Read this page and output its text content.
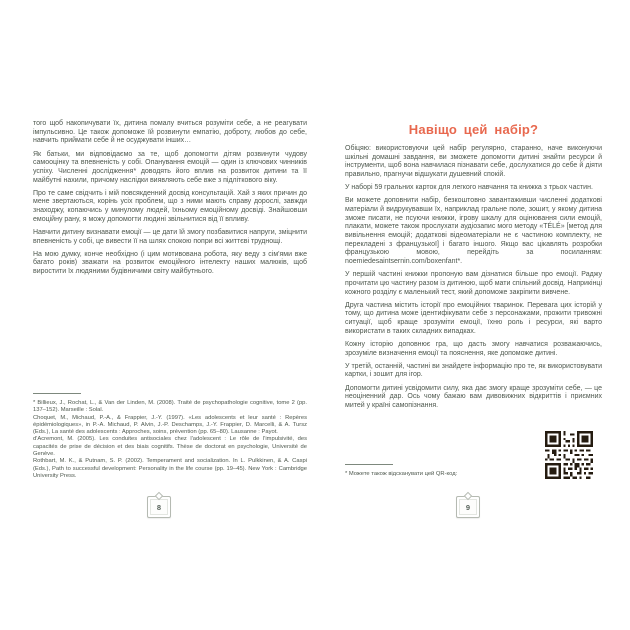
того щоб накопичувати їх, дитина помалу вчиться розуміти себе, а не реагувати імпульсивно. Це також допоможе їй розвинути емпатію, доброту, любов до себе, навчить приймати себе й не осуджувати інших…

Як батьки, ми відповідаємо за те, щоб допомогти дітям розвинути чудову самооцінку та впевненість у собі. Опанування емоцій — один із ключових чинників успіху. Численні дослідження* доводять його вплив на розвиток дитини та її майбутні нахили, причому наслідки виявляють себе вже з підліткового віку.

Про те саме свідчить і мій повсякденний досвід консультацій. Хай з яких причин до мене звертаються, корінь усіх проблем, що з ними мають справу дорослі, завжди знаходжу, копаючись у минулому людей, їхньому емоційному досвіді. Знайшовши емоційну рану, я можу допомогти людині звільнитися від її впливу.

Навчити дитину визнавати емоції — це дати їй змогу позбавитися напруги, зміцнити впевненість у собі, це вивести її на шлях спокою попри всі життєві труднощі.

На мою думку, конче необхідно (і цим мотивована робота, яку веду з сім'ями вже багато років) зважати на розвиток емоційного інтелекту наших малюків, щоб виростити їх людяними будівничими світу майбутнього.

* Billieux, J., Rochat, L., & Van der Linden, M. (2008). Traité de psychopathologie cognitive, tome 2 (pp. 137–152). Marseille : Solal.

Choquet, M., Michaud, P.-A., & Frappier, J.-Y. (1997). «Les adolescents et leur santé : Repères épidémiologiques», in P.-A. Michaud, P. Alvin, J.-P. Deschamps, J.-Y. Frappier, D. Marcelli, & A. Tursz (Eds.), La santé des adolescents : Approches, soins, prévention (pp. 65–80). Lausanne : Payot.

d'Acremont, M. (2005). Les conduites antisociales chez l'adolescent : Le rôle de l'impulsivité, des capacités de prise de décision et des biais cognitifs. Thèse de doctorat en psychologie, Université de Genève.

Rothbart, M. K., & Putnam, S. P. (2002). Temperament and socialization. In L. Pulkkinen, & A. Caspi (Eds.), Path to successful development: Personality in the life course (pp. 19–45). New York : Cambridge University Press.

8
Навіщо цей набір?

Обіцяю: використовуючи цей набір регулярно, старанно, наче виконуючи шкільні домашні завдання, ви зможете допомогти дитині знайти ресурси й інструменти, щоб вона навчилася пізнавати себе, дослухатися до себе й діяти правильно, прагнучи відшукати душевний спокій.

У наборі 59 гральних карток для легкого навчання та книжка з трьох частин.

Ви можете доповнити набір, безкоштовно завантаживши численні додаткові матеріали й видрукувавши їх, наприклад гральне поле, зошит, у якому дитина зможе писати, не псуючи книжки, ігрову шкалу для оцінювання сили емоцій, плакати, можете також прослухати аудіозапис мого методу «TÉLÉ» [метод для вивільнення емоцій; додаткові відеоматеріали не є частиною комплекту, не перекладені з французької] і багато іншого. Якщо вас цікавлять розробки французькою мовою, перейдіть за посиланням: noemiedesaintsernin.com/boxenfant*.

У першій частині книжки пропоную вам дізнатися більше про емоції. Раджу прочитати цю частину разом із дитиною, щоб мати спільний досвід. Наприкінці кожного розділу є маленький тест, який допоможе закріпити вивчене.

Друга частина містить історії про емоційних тваринок. Перевага цих історій у тому, що дитина може ідентифікувати себе з персонажами, прожити тривожні ситуації, щоб краще зрозуміти емоції, їхню роль і ресурси, які варто використати в таких складних випадках.

Кожну історію доповнює гра, що дасть змогу навчатися розважаючись, зрозуміле визначення емоції та пояснення, яке допоможе дитині.

У третій, останній, частині ви знайдете інформацію про те, як використовувати картки, і зошит для ігор.

Допомогти дитині усвідомити силу, яка дає змогу краще зрозуміти себе, — це неоціненний дар. Ось чому бажаю вам дивовижних відкриттів і приємних митей у країні самопізнання.

* Можете також відсканувати цей QR-код:
9
